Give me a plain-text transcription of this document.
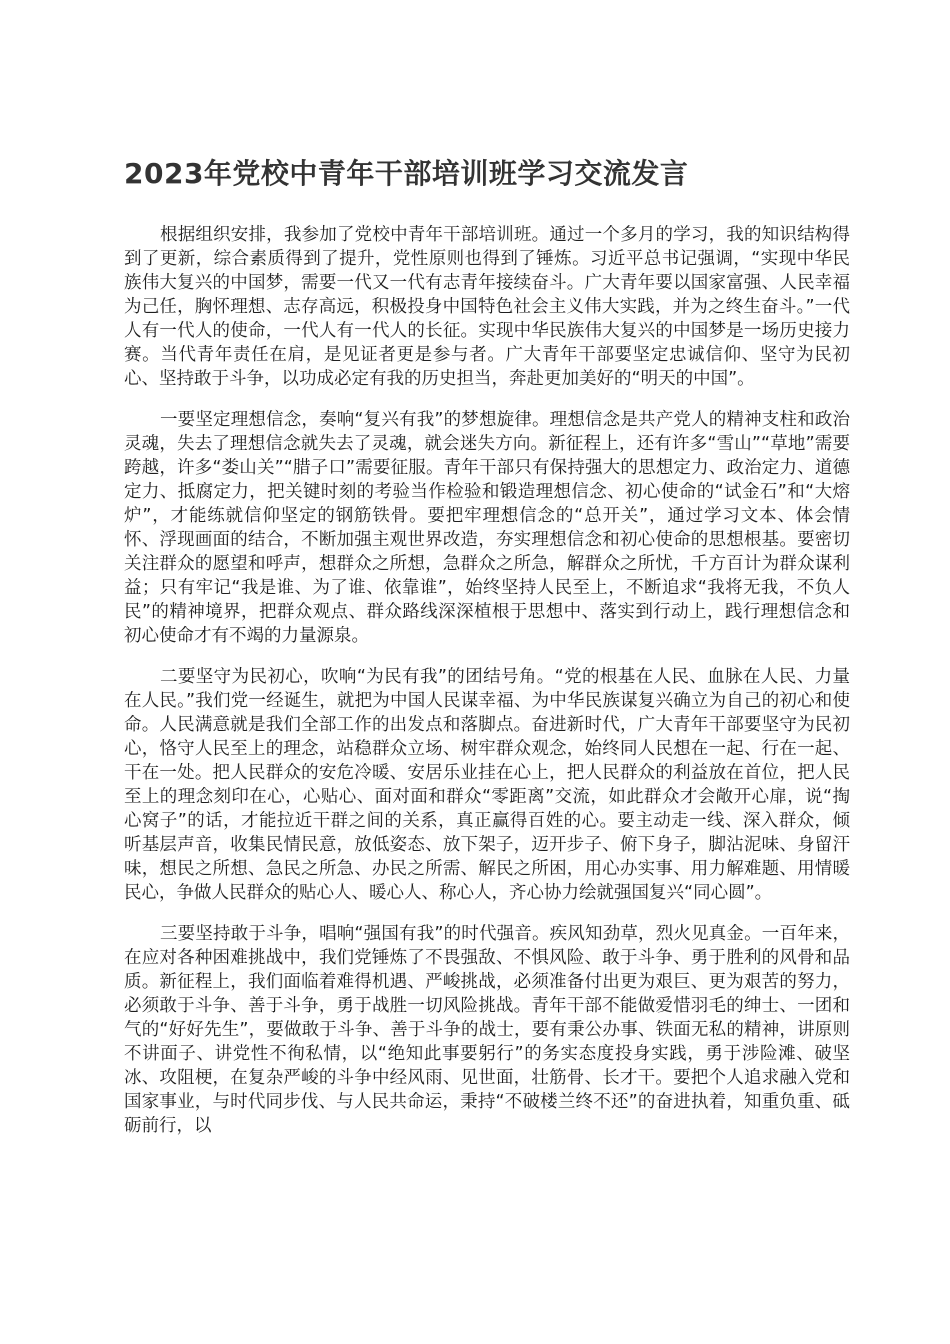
2023年党校中青年干部培训班学习交流发言

根据组织安排，我参加了党校中青年干部培训班。通过一个多月的学习，我的知识结构得到了更新，综合素质得到了提升，党性原则也得到了锤炼。习近平总书记强调，“实现中华民族伟大复兴的中国梦，需要一代又一代有志青年接续奋斗。广大青年要以国家富强、人民幸福为己任，胸怀理想、志存高远，积极投身中国特色社会主义伟大实践，并为之终生奋斗。”一代人有一代人的使命，一代人有一代人的长征。实现中华民族伟大复兴的中国梦是一场历史接力赛。当代青年责任在肩，是见证者更是参与者。广大青年干部要坚定忠诚信仰、坚守为民初心、坚持敢于斗争，以功成必定有我的历史担当，奔赴更加美好的“明天的中国”。

一要坚定理想信念，奏响“复兴有我”的梦想旋律。理想信念是共产党人的精神支柱和政治灵魂，失去了理想信念就失去了灵魂，就会迷失方向。新征程上，还有许多“雪山”“草地”需要跨越，许多“娄山关”“腊子口”需要征服。青年干部只有保持强大的思想定力、政治定力、道德定力、抵腐定力，把关键时刻的考验当作检验和锻造理想信念、初心使命的“试金石”和“大熔炉”，才能练就信仰坚定的钢筋铁骨。要把牢理想信念的“总开关”，通过学习文本、体会情怀、浮现画面的结合，不断加强主观世界改造，夯实理想信念和初心使命的思想根基。要密切关注群众的愿望和呼声，想群众之所想，急群众之所急，解群众之所忧，千方百计为群众谋利益；只有牢记“我是谁、为了谁、依靠谁”，始终坚持人民至上，不断追求“我将无我，不负人民”的精神境界，把群众观点、群众路线深深植根于思想中、落实到行动上，践行理想信念和初心使命才有不竭的力量源泉。

二要坚守为民初心，吹响“为民有我”的团结号角。“党的根基在人民、血脉在人民、力量在人民。”我们党一经诞生，就把为中国人民谋幸福、为中华民族谋复兴确立为自己的初心和使命。人民满意就是我们全部工作的出发点和落脚点。奋进新时代，广大青年干部要坚守为民初心，恪守人民至上的理念，站稳群众立场、树牢群众观念，始终同人民想在一起、行在一起、干在一处。把人民群众的安危冷暖、安居乐业挂在心上，把人民群众的利益放在首位，把人民至上的理念刻印在心，心贴心、面对面和群众“零距离”交流，如此群众才会敞开心扉，说“掏心窝子”的话，才能拉近干群之间的关系，真正赢得百姓的心。要主动走一线、深入群众，倾听基层声音，收集民情民意，放低姿态、放下架子，迈开步子、俯下身子，脚沾泥味、身留汗味，想民之所想、急民之所急、办民之所需、解民之所困，用心办实事、用力解难题、用情暖民心，争做人民群众的贴心人、暖心人、称心人，齐心协力绘就强国复兴“同心圆”。

三要坚持敢于斗争，唱响“强国有我”的时代强音。疾风知劲草，烈火见真金。一百年来，在应对各种困难挑战中，我们党锤炼了不畏强敌、不惧风险、敢于斗争、勇于胜利的风骨和品质。新征程上，我们面临着难得机遇、严峻挑战，必须准备付出更为艰巨、更为艰苦的努力，必须敢于斗争、善于斗争，勇于战胜一切风险挑战。青年干部不能做爱惜羽毛的绅士、一团和气的“好好先生”，要做敢于斗争、善于斗争的战士，要有秉公办事、铁面无私的精神，讲原则不讲面子、讲党性不徇私情，以“绝知此事要躬行”的务实态度投身实践，勇于涉险滩、破坚冰、攻阻梗，在复杂严峻的斗争中经风雨、见世面，壮筋骨、长才干。要把个人追求融入党和国家事业，与时代同步伐、与人民共命运，秉持“不破楼兰终不还”的奋进执着，知重负重、砥砺前行，以
